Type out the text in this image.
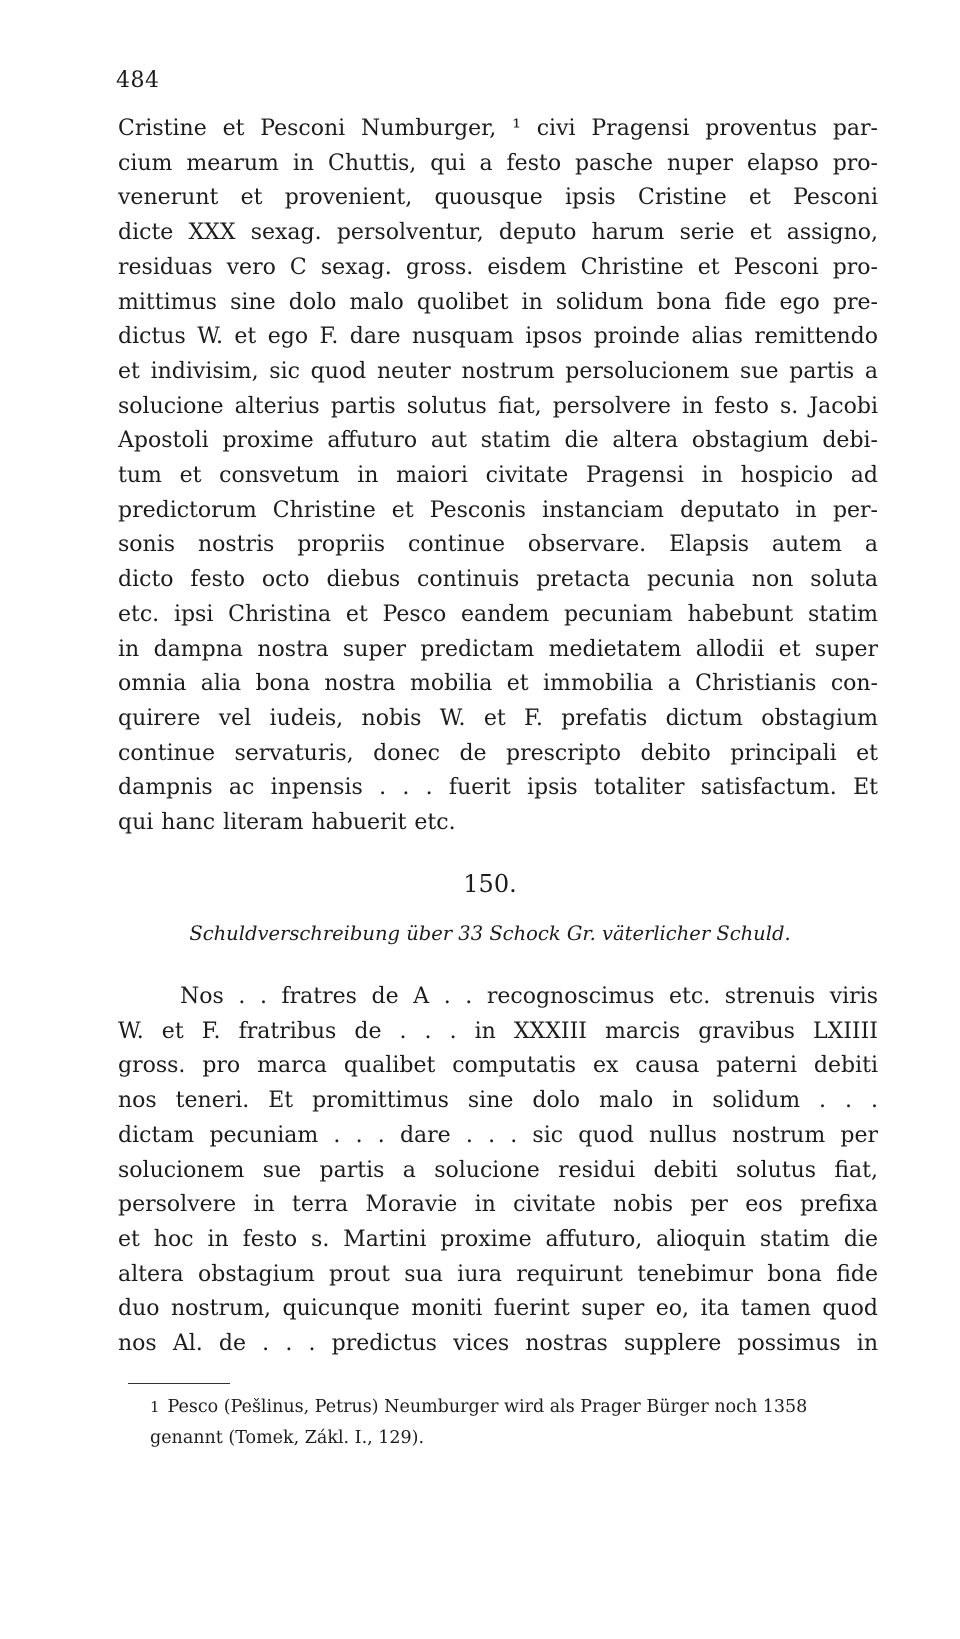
484
Cristine et Pesconi Numburger, ¹ civi Pragensi proventus par-
cium mearum in Chuttis, qui a festo pasche nuper elapso pro-
venerunt et provenient, quousque ipsis Cristine et Pesconi
dicte XXX sexag. persolventur, deputo harum serie et assigno,
residuas vero C sexag. gross. eisdem Christine et Pesconi pro-
mittimus sine dolo malo quolibet in solidum bona fide ego pre-
dictus W. et ego F. dare nusquam ipsos proinde alias remittendo
et indivisim, sic quod neuter nostrum persolucionem sue partis a
solucione alterius partis solutus fiat, persolvere in festo s. Jacobi
Apostoli proxime affuturo aut statim die altera obstagium debi-
tum et consvetum in maiori civitate Pragensi in hospicio ad
predictorum Christine et Pesconis instanciam deputato in per-
sonis nostris propriis continue observare. Elapsis autem a
dicto festo octo diebus continuis pretacta pecunia non soluta
etc. ipsi Christina et Pesco eandem pecuniam habebunt statim
in dampna nostra super predictam medietatem allodii et super
omnia alia bona nostra mobilia et immobilia a Christianis con-
quirere vel iudeis, nobis W. et F. prefatis dictum obstagium
continue servaturis, donec de prescripto debito principali et
dampnis ac inpensis . . . fuerit ipsis totaliter satisfactum. Et
qui hanc literam habuerit etc.
150.
Schuldverschreibung über 33 Schock Gr. väterlicher Schuld.
Nos . . fratres de A . . recognoscimus etc. strenuis viris
W. et F. fratribus de . . . in XXXIII marcis gravibus LXIIII
gross. pro marca qualibet computatis ex causa paterni debiti
nos teneri. Et promittimus sine dolo malo in solidum . . .
dictam pecuniam . . . dare . . . sic quod nullus nostrum per
solucionem sue partis a solucione residui debiti solutus fiat,
persolvere in terra Moravie in civitate nobis per eos prefixa
et hoc in festo s. Martini proxime affuturo, alioquin statim die
altera obstagium prout sua iura requirunt tenebimur bona fide
duo nostrum, quicunque moniti fuerint super eo, ita tamen quod
nos Al. de . . . predictus vices nostras supplere possimus in
1 Pesco (Pešlinus, Petrus) Neumburger wird als Prager Bürger noch 1358
genannt (Tomek, Zákl. I., 129).
